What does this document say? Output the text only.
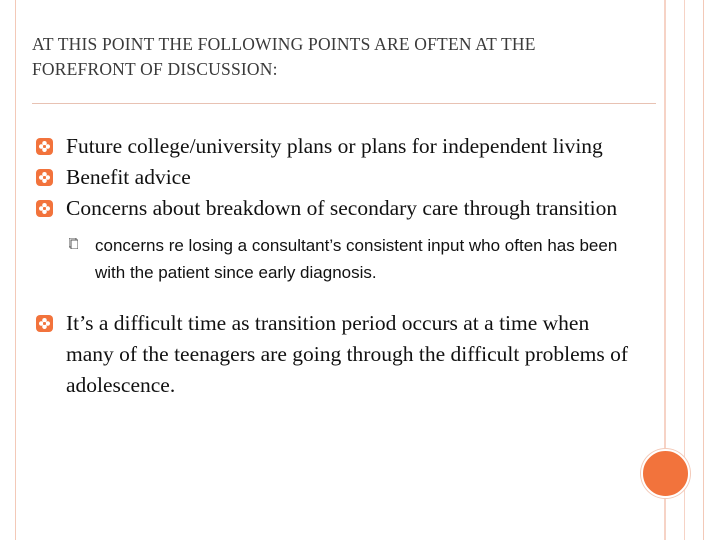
AT THIS POINT THE FOLLOWING POINTS ARE OFTEN AT THE FOREFRONT OF DISCUSSION:
Future college/university plans or plans for independent living
Benefit advice
Concerns about breakdown of secondary care through transition
concerns re losing a consultant’s consistent input who often has been with the patient since early diagnosis.
It’s a difficult time as transition period occurs at a time when many of the teenagers are going through the difficult problems of adolescence.
